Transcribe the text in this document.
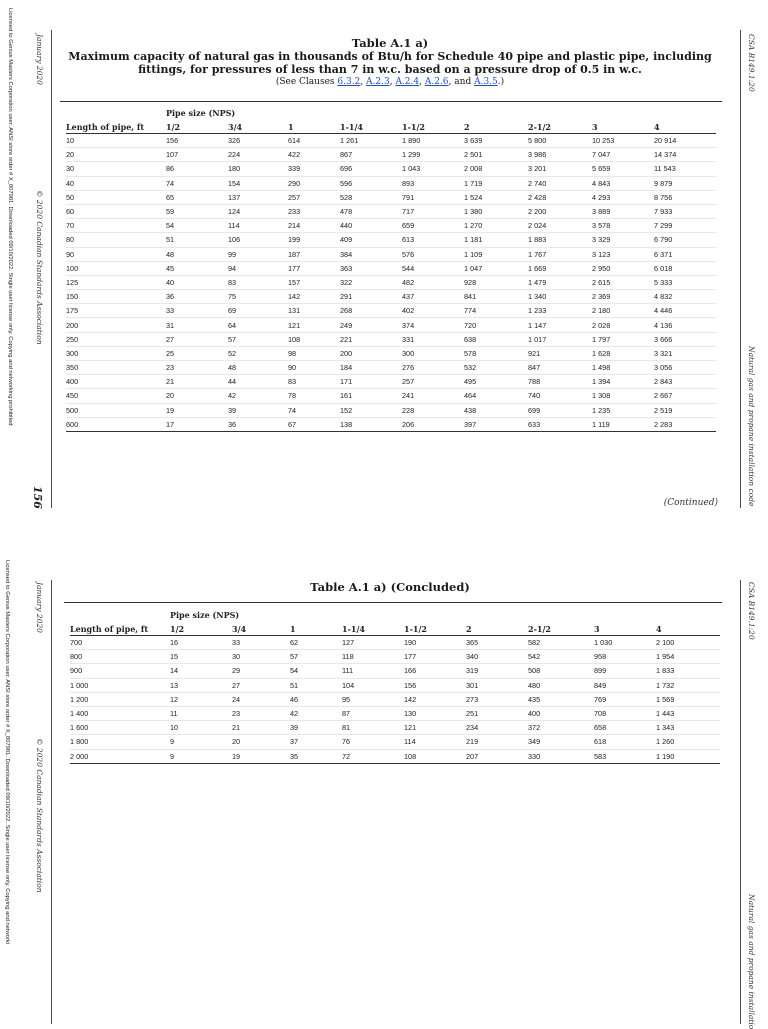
Licensed to Genius Masters Corporation user. ANSI store order # X_807981. Downloaded 09/10/2022. Single user license only. Copying and networking prohibited	January 2020
© 2020 Canadian Standards Association
156
CSA B149.1:20
Natural gas and propane installation code
Table A.1 a)
Maximum capacity of natural gas in thousands of Btu/h for Schedule 40 pipe and plastic pipe, including
fittings, for pressures of less than 7 in w.c. based on a pressure drop of 0.5 in w.c.
(See Clauses 6.3.2, A.2.3, A.2.4, A.2.6, and A.3.5.)
	Pipe size (NPS)								
Length of pipe, ft	1/2	3/4	1	1-1/4	1-1/2	2	2-1/2	3	4
10	156	326	614	1 261	1 890	3 639	5 800	10 253	20 914
20	107	224	422	867	1 299	2 501	3 986	7 047	14 374
30	86	180	339	696	1 043	2 008	3 201	5 659	11 543
40	74	154	290	596	893	1 719	2 740	4 843	9 879
50	65	137	257	528	791	1 524	2 428	4 293	8 756
60	59	124	233	478	717	1 380	2 200	3 889	7 933
70	54	114	214	440	659	1 270	2 024	3 578	7 299
80	51	106	199	409	613	1 181	1 883	3 329	6 790
90	48	99	187	384	576	1 109	1 767	3 123	6 371
100	45	94	177	363	544	1 047	1 669	2 950	6 018
125	40	83	157	322	482	928	1 479	2 615	5 333
150	36	75	142	291	437	841	1 340	2 369	4 832
175	33	69	131	268	402	774	1 233	2 180	4 446
200	31	64	121	249	374	720	1 147	2 028	4 136
250	27	57	108	221	331	638	1 017	1 797	3 666
300	25	52	98	200	300	578	921	1 628	3 321
350	23	48	90	184	276	532	847	1 498	3 056
400	21	44	83	171	257	495	788	1 394	2 843
450	20	42	78	161	241	464	740	1 308	2 667
500	19	39	74	152	228	438	699	1 235	2 519
600	17	36	67	138	206	397	633	1 119	2 283
(Continued)
Licensed to Genius Masters Corporation user. ANSI store order # X_807981. Downloaded 09/10/2022. Single user license only. Copying and networki	January 2020
© 2020 Canadian Standards Association
CSA B149.1:20
Natural gas and propane installatio
Table A.1 a) (Concluded)
	Pipe size (NPS)								
Length of pipe, ft	1/2	3/4	1	1-1/4	1-1/2	2	2-1/2	3	4
700	16	33	62	127	190	365	582	1 030	2 100
800	15	30	57	118	177	340	542	958	1 954
900	14	29	54	111	166	319	508	899	1 833
1 000	13	27	51	104	156	301	480	849	1 732
1 200	12	24	46	95	142	273	435	769	1 569
1 400	11	23	42	87	130	251	400	708	1 443
1 600	10	21	39	81	121	234	372	658	1 343
1 800	9	20	37	76	114	219	349	618	1 260
2 000	9	19	35	72	108	207	330	583	1 190
